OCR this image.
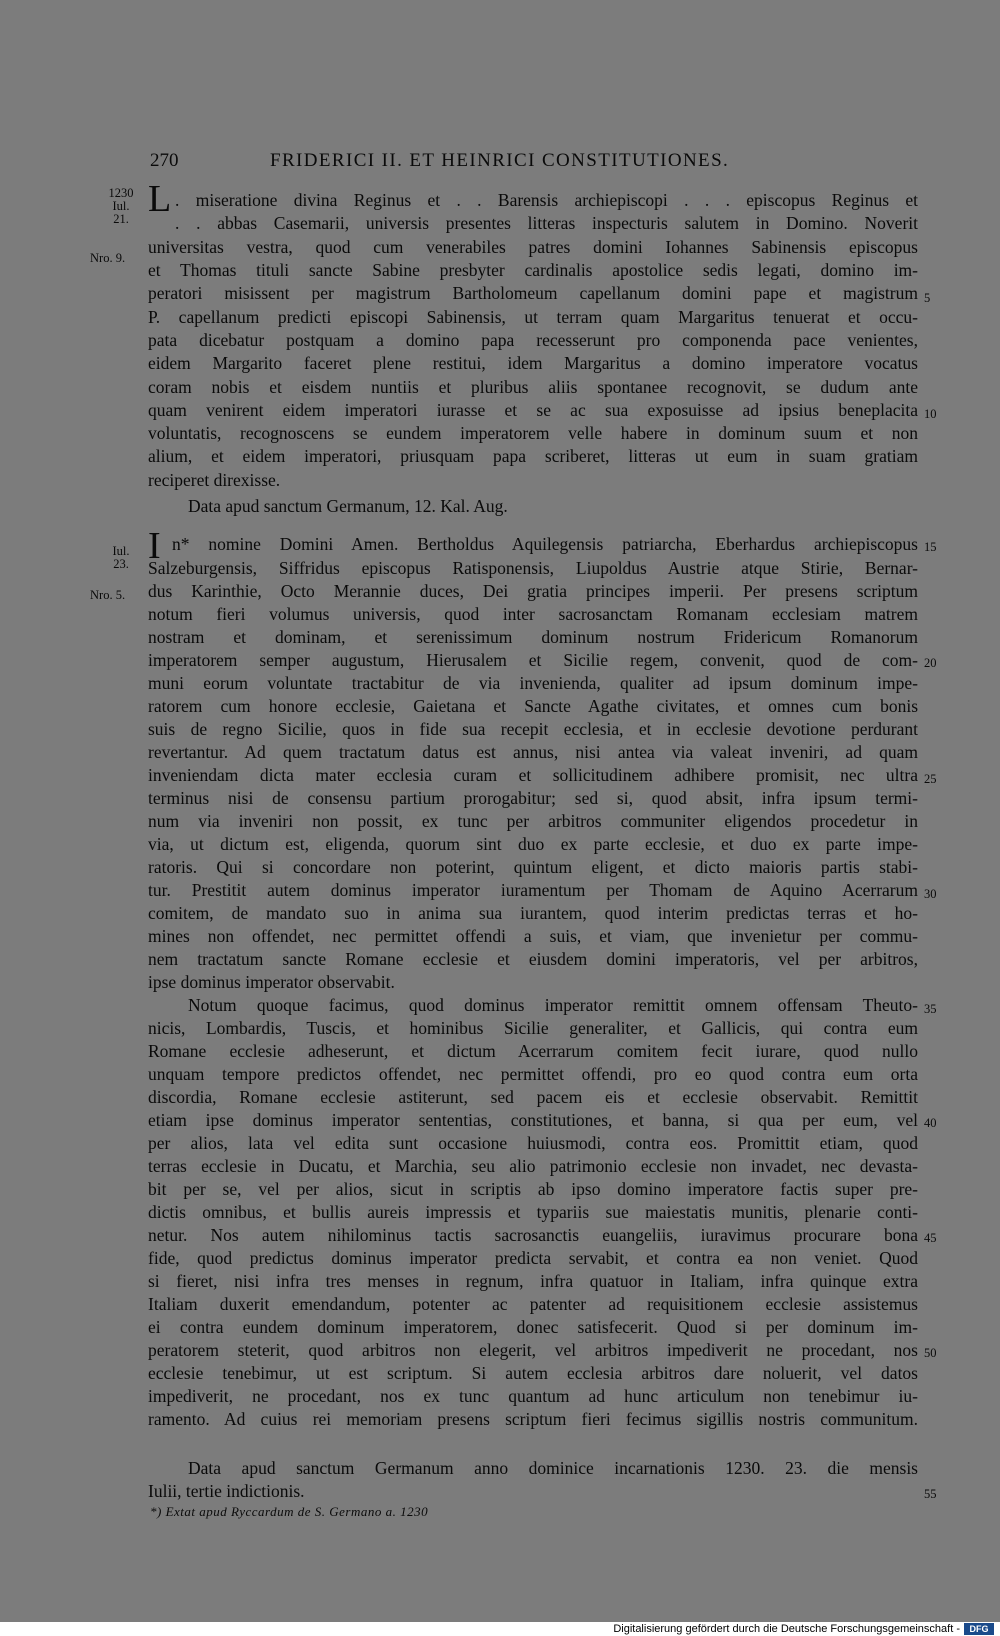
270	FRIDERICI II. ET HEINRICI CONSTITUTIONES.
1230
Iul.
21.
Nro. 9.
Iul.
23.
Nro. 5.
L . miseratione divina Reginus et . . Barensis archiepiscopi . . . episcopus Reginus et
. . abbas Casemarii, universis presentes litteras inspecturis salutem in Domino. Noverit
universitas vestra, quod cum venerabiles patres domini Iohannes Sabinensis episcopus
et Thomas tituli sancte Sabine presbyter cardinalis apostolice sedis legati, domino im-
peratori misissent per magistrum Bartholomeum capellanum domini pape et magistrum 5
P. capellanum predicti episcopi Sabinensis, ut terram quam Margaritus tenuerat et occu-
pata dicebatur postquam a domino papa recesserunt pro componenda pace venientes,
eidem Margarito faceret plene restitui, idem Margaritus a domino imperatore vocatus
coram nobis et eisdem nuntiis et pluribus aliis spontanee recognovit, se dudum ante
quam venirent eidem imperatori iurasse et se ac sua exposuisse ad ipsius beneplacita 10
voluntatis, recognoscens se eundem imperatorem velle habere in dominum suum et non
alium, et eidem imperatori, priusquam papa scriberet, litteras ut eum in suam gratiam
reciperet direxisse.
Data apud sanctum Germanum, 12. Kal. Aug.
I n* nomine Domini Amen. Bertholdus Aquilegensis patriarcha, Eberhardus archiepiscopus 15
Salzeburgensis, Siffridus episcopus Ratisponensis, Liupoldus Austrie atque Stirie, Bernar-
dus Karinthie, Octo Merannie duces, Dei gratia principes imperii. Per presens scriptum
notum fieri volumus universis, quod inter sacrosanctam Romanam ecclesiam matrem
nostram et dominam, et serenissimum dominum nostrum Fridericum Romanorum
imperatorem semper augustum, Hierusalem et Sicilie regem, convenit, quod de com- 20
muni eorum voluntate tractabitur de via invenienda, qualiter ad ipsum dominum impe-
ratorem cum honore ecclesie, Gaietana et Sancte Agathe civitates, et omnes cum bonis
suis de regno Sicilie, quos in fide sua recepit ecclesia, et in ecclesie devotione perdurant
revertantur. Ad quem tractatum datus est annus, nisi antea via valeat inveniri, ad quam
inveniendam dicta mater ecclesia curam et sollicitudinem adhibere promisit, nec ultra 25
terminus nisi de consensu partium prorogabitur; sed si, quod absit, infra ipsum termi-
num via inveniri non possit, ex tunc per arbitros communiter eligendos procedetur in
via, ut dictum est, eligenda, quorum sint duo ex parte ecclesie, et duo ex parte impe-
ratoris. Qui si concordare non poterint, quintum eligent, et dicto maioris partis stabi-
tur. Prestitit autem dominus imperator iuramentum per Thomam de Aquino Acerrarum 30
comitem, de mandato suo in anima sua iurantem, quod interim predictas terras et ho-
mines non offendet, nec permittet offendi a suis, et viam, que invenietur per commu-
nem tractatum sancte Romane ecclesie et eiusdem domini imperatoris, vel per arbitros,
ipse dominus imperator observabit.
Notum quoque facimus, quod dominus imperator remittit omnem offensam Theuto- 35
nicis, Lombardis, Tuscis, et hominibus Sicilie generaliter, et Gallicis, qui contra eum
Romane ecclesie adheserunt, et dictum Acerrarum comitem fecit iurare, quod nullo
unquam tempore predictos offendet, nec permittet offendi, pro eo quod contra eum orta
discordia, Romane ecclesie astiterunt, sed pacem eis et ecclesie observabit. Remittit
etiam ipse dominus imperator sententias, constitutiones, et banna, si qua per eum, vel 40
per alios, lata vel edita sunt occasione huiusmodi, contra eos. Promittit etiam, quod
terras ecclesie in Ducatu, et Marchia, seu alio patrimonio ecclesie non invadet, nec devasta-
bit per se, vel per alios, sicut in scriptis ab ipso domino imperatore factis super pre-
dictis omnibus, et bullis aureis impressis et typariis sue maiestatis munitis, plenarie conti-
netur. Nos autem nihilominus tactis sacrosanctis euangeliis, iuravimus procurare bona 45
fide, quod predictus dominus imperator predicta servabit, et contra ea non veniet. Quod
si fieret, nisi infra tres menses in regnum, infra quatuor in Italiam, infra quinque extra
Italiam duxerit emendandum, potenter ac patenter ad requisitionem ecclesie assistemus
ei contra eundem dominum imperatorem, donec satisfecerit. Quod si per dominum im-
peratorem steterit, quod arbitros non elegerit, vel arbitros impediverit ne procedant, nos 50
ecclesie tenebimur, ut est scriptum. Si autem ecclesia arbitros dare noluerit, vel datos
impediverit, ne procedant, nos ex tunc quantum ad hunc articulum non tenebimur iu-
ramento. Ad cuius rei memoriam presens scriptum fieri fecimus sigillis nostris communitum.
Data apud sanctum Germanum anno dominice incarnationis 1230. 23. die mensis
Iulii, tertie indictionis.	55
*) Extat apud Ryccardum de S. Germano a. 1230
Digitalisierung gefördert durch die Deutsche Forschungsgemeinschaft -	DFG
